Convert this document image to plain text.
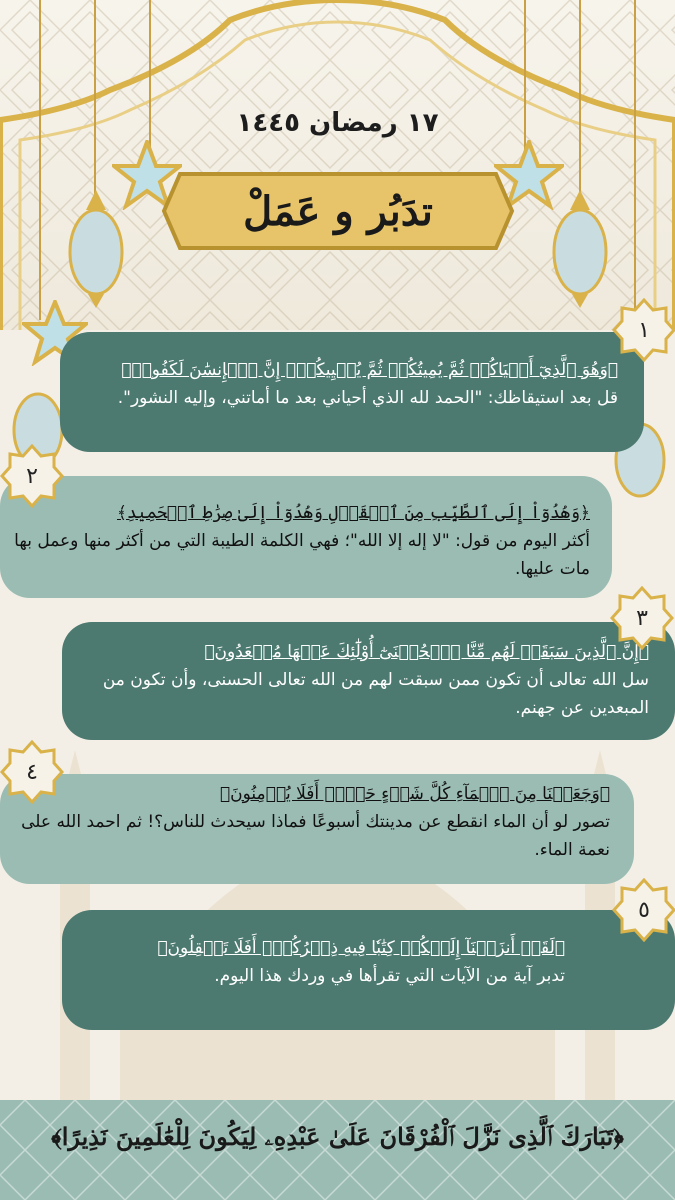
١٧ رمضان ١٤٤٥
تدَبُر و عَمَلْ
﴿وَهُوَ ٱلَّذِيٓ أَحۡيَاكُمۡ ثُمَّ يُمِيتُكُمۡ ثُمَّ يُحۡيِيكُمۡۗ إِنَّ ٱلۡإِنسَٰنَ لَكَفُورٞ﴾
قل بعد استيقاظك: "الحمد لله الذي أحياني بعد ما أماتني، وإليه النشور".
١
﴿وَهُدُوٓاْ إِلَى ٱلطَّيِّبِ مِنَ ٱلۡقَوۡلِ وَهُدُوٓاْ إِلَىٰ صِرَٰطِ ٱلۡحَمِيدِ﴾
أكثر اليوم من قول: "لا إله إلا الله"؛ فهي الكلمة الطيبة التي من أكثر منها وعمل بها مات عليها.
٢
﴿إِنَّ ٱلَّذِينَ سَبَقَتۡ لَهُم مِّنَّا ٱلۡحُسۡنَىٰٓ أُوْلَٰٓئِكَ عَنۡهَا مُبۡعَدُونَ﴾
سل الله تعالى أن تكون ممن سبقت لهم من الله تعالى الحسنى، وأن تكون من المبعدين عن جهنم.
٣
﴿وَجَعَلۡنَا مِنَ ٱلۡمَآءِ كُلَّ شَيۡءٍ حَيٍّۚ أَفَلَا يُؤۡمِنُونَ﴾
تصور لو أن الماء انقطع عن مدينتك أسبوعًا فماذا سيحدث للناس؟! ثم احمد الله على نعمة الماء.
٤
﴿لَقَدۡ أَنزَلۡنَآ إِلَيۡكُمۡ كِتَٰبٗا فِيهِ ذِكۡرُكُمۡۚ أَفَلَا تَعۡقِلُونَ﴾
تدبر آية من الآيات التي تقرأها في وردك هذا اليوم.
٥
﴿تَبَارَكَ ٱلَّذِى نَزَّلَ ٱلْفُرْقَانَ عَلَىٰ عَبْدِهِۦ لِيَكُونَ لِلْعَٰلَمِينَ نَذِيرًا﴾
